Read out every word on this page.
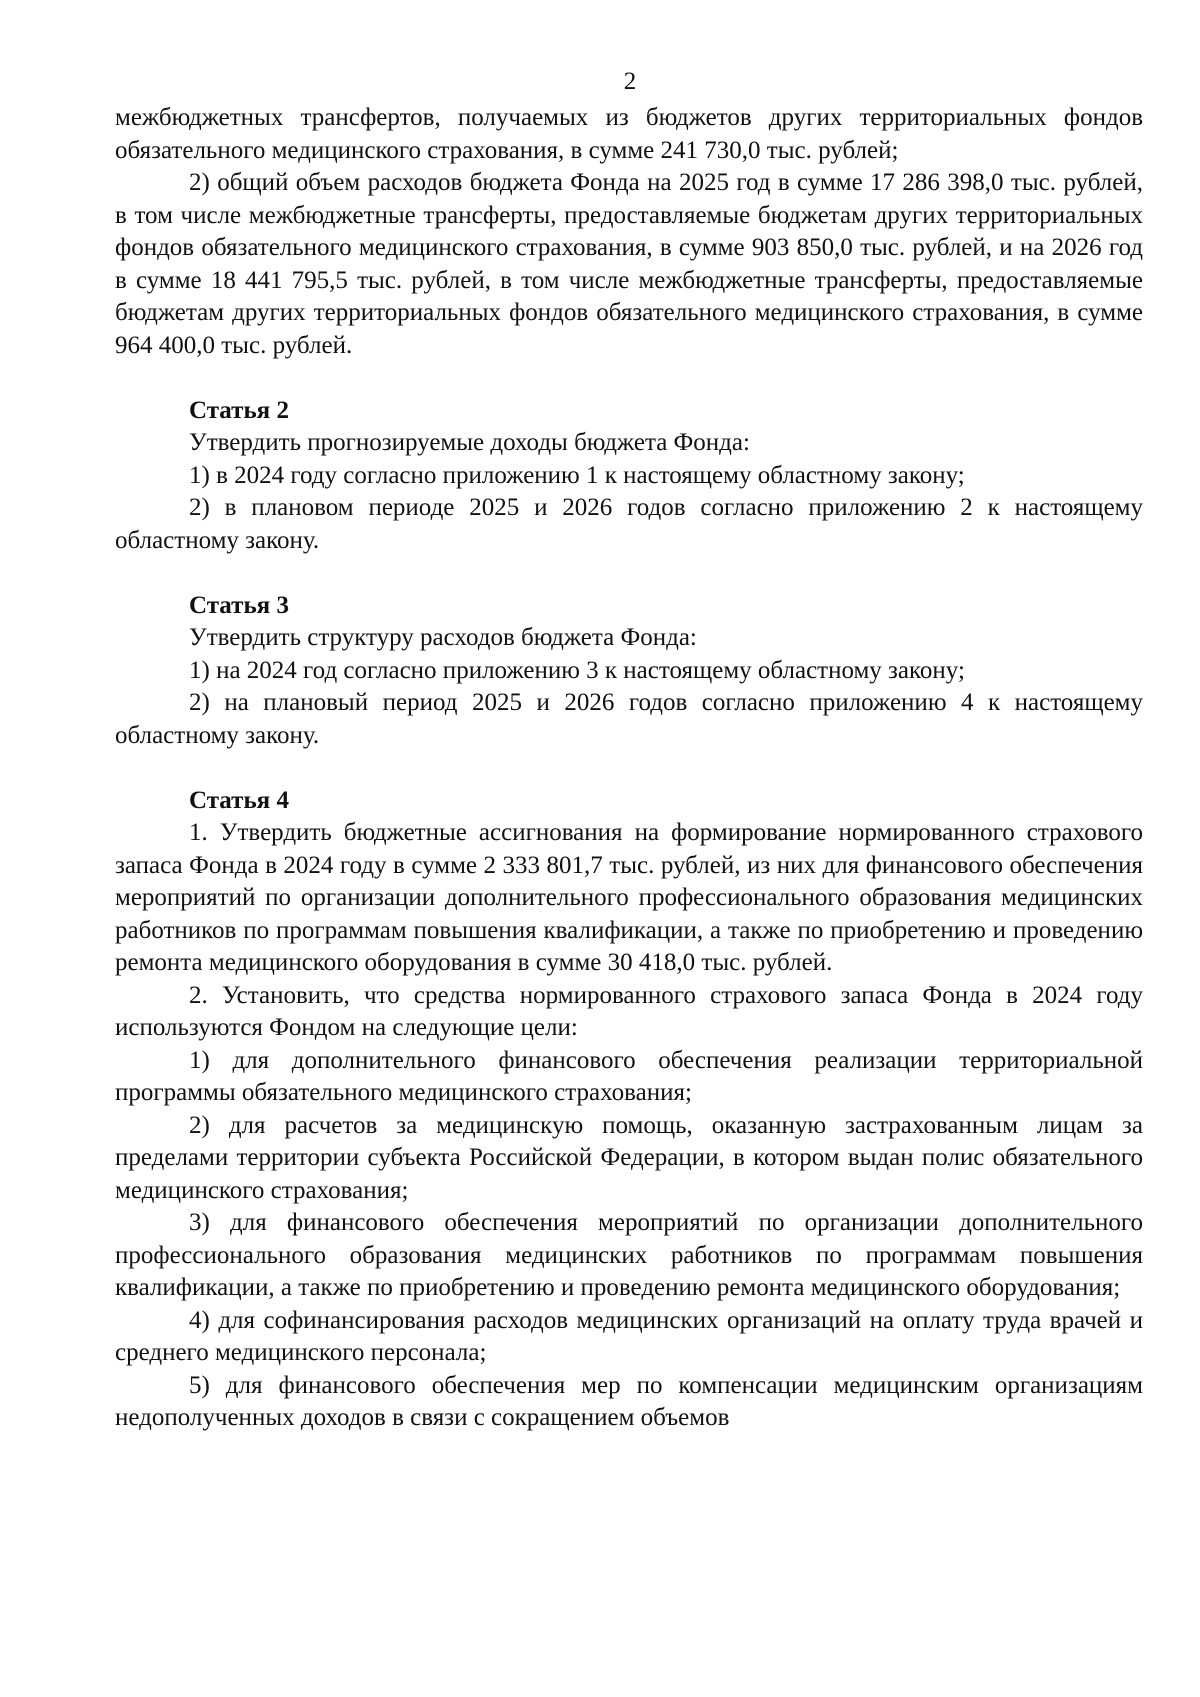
2

межбюджетных трансфертов, получаемых из бюджетов других территориальных фондов обязательного медицинского страхования, в сумме 241 730,0 тыс. рублей;

2) общий объем расходов бюджета Фонда на 2025 год в сумме 17 286 398,0 тыс. рублей, в том числе межбюджетные трансферты, предоставляемые бюджетам других территориальных фондов обязательного медицинского страхования, в сумме 903 850,0 тыс. рублей, и на 2026 год в сумме 18 441 795,5 тыс. рублей, в том числе межбюджетные трансферты, предоставляемые бюджетам других территориальных фондов обязательного медицинского страхования, в сумме 964 400,0 тыс. рублей.

Статья 2

Утвердить прогнозируемые доходы бюджета Фонда:

1) в 2024 году согласно приложению 1 к настоящему областному закону;

2) в плановом периоде 2025 и 2026 годов согласно приложению 2 к настоящему областному закону.

Статья 3

Утвердить структуру расходов бюджета Фонда:

1) на 2024 год согласно приложению 3 к настоящему областному закону;

2) на плановый период 2025 и 2026 годов согласно приложению 4 к настоящему областному закону.

Статья 4

1. Утвердить бюджетные ассигнования на формирование нормированного страхового запаса Фонда в 2024 году в сумме 2 333 801,7 тыс. рублей, из них для финансового обеспечения мероприятий по организации дополнительного профессионального образования медицинских работников по программам повышения квалификации, а также по приобретению и проведению ремонта медицинского оборудования в сумме 30 418,0 тыс. рублей.

2. Установить, что средства нормированного страхового запаса Фонда в 2024 году используются Фондом на следующие цели:

1) для дополнительного финансового обеспечения реализации территориальной программы обязательного медицинского страхования;

2) для расчетов за медицинскую помощь, оказанную застрахованным лицам за пределами территории субъекта Российской Федерации, в котором выдан полис обязательного медицинского страхования;

3) для финансового обеспечения мероприятий по организации дополнительного профессионального образования медицинских работников по программам повышения квалификации, а также по приобретению и проведению ремонта медицинского оборудования;

4) для софинансирования расходов медицинских организаций на оплату труда врачей и среднего медицинского персонала;

5) для финансового обеспечения мер по компенсации медицинским организациям недополученных доходов в связи с сокращением объемов
